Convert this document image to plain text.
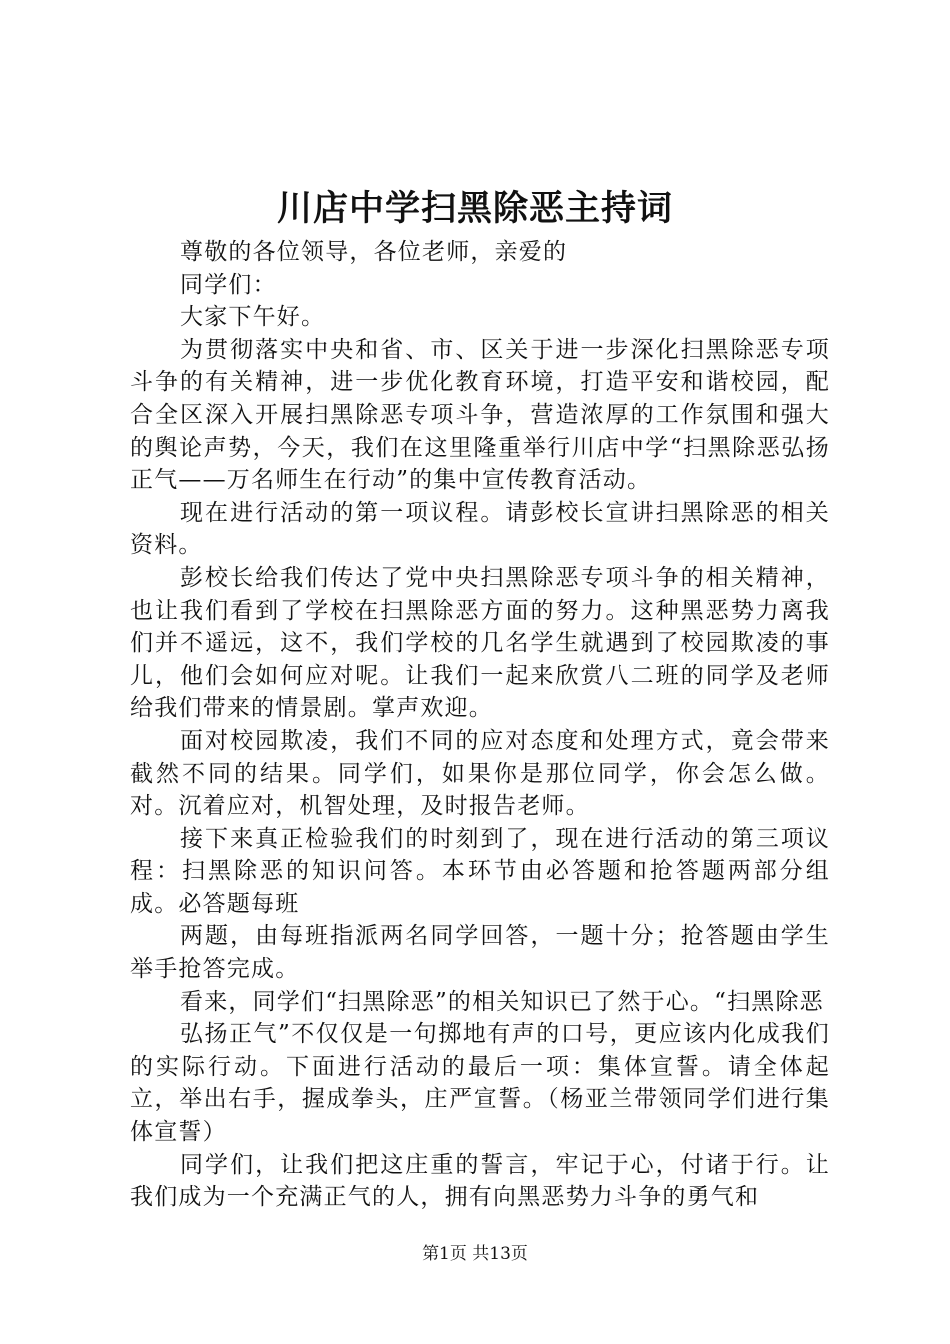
川店中学扫黑除恶主持词

尊敬的各位领导，各位老师，亲爱的

同学们：

大家下午好。

为贯彻落实中央和省、市、区关于进一步深化扫黑除恶专项斗争的有关精神，进一步优化教育环境，打造平安和谐校园，配合全区深入开展扫黑除恶专项斗争，营造浓厚的工作氛围和强大的舆论声势，今天，我们在这里隆重举行川店中学“扫黑除恶弘扬正气——万名师生在行动”的集中宣传教育活动。

现在进行活动的第一项议程。请彭校长宣讲扫黑除恶的相关资料。

彭校长给我们传达了党中央扫黑除恶专项斗争的相关精神，也让我们看到了学校在扫黑除恶方面的努力。这种黑恶势力离我们并不遥远，这不，我们学校的几名学生就遇到了校园欺凌的事儿，他们会如何应对呢。让我们一起来欣赏八二班的同学及老师给我们带来的情景剧。掌声欢迎。

面对校园欺凌，我们不同的应对态度和处理方式，竟会带来截然不同的结果。同学们，如果你是那位同学，你会怎么做。对。沉着应对，机智处理，及时报告老师。

接下来真正检验我们的时刻到了，现在进行活动的第三项议程：扫黑除恶的知识问答。本环节由必答题和抢答题两部分组成。必答题每班

两题，由每班指派两名同学回答，一题十分；抢答题由学生举手抢答完成。

看来，同学们“扫黑除恶”的相关知识已了然于心。“扫黑除恶

弘扬正气”不仅仅是一句掷地有声的口号，更应该内化成我们的实际行动。下面进行活动的最后一项：集体宣誓。请全体起立，举出右手，握成拳头，庄严宣誓。（杨亚兰带领同学们进行集体宣誓）

同学们，让我们把这庄重的誓言，牢记于心，付诸于行。让我们成为一个充满正气的人，拥有向黑恶势力斗争的勇气和

第1页 共13页
